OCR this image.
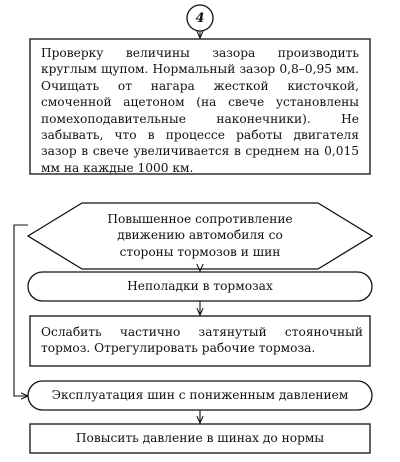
4
Проверку величины зазора производить круглым щупом. Нормальный зазор 0,8–0,95 мм. Очищать от нагара жесткой кисточкой, смоченной ацетоном (на свече установлены помехоподавительные наконечники). Не забывать, что в процессе работы двигателя зазор в свече увеличивается в среднем на 0,015 мм на каждые 1000 км.
Повышенное сопротивление движению автомобиля со стороны тормозов и шин
Неполадки в тормозах
Ослабить частично затянутый стояночный тормоз. Отрегулировать рабочие тормоза.
Эксплуатация шин с пониженным давлением
Повысить давление в шинах до нормы
